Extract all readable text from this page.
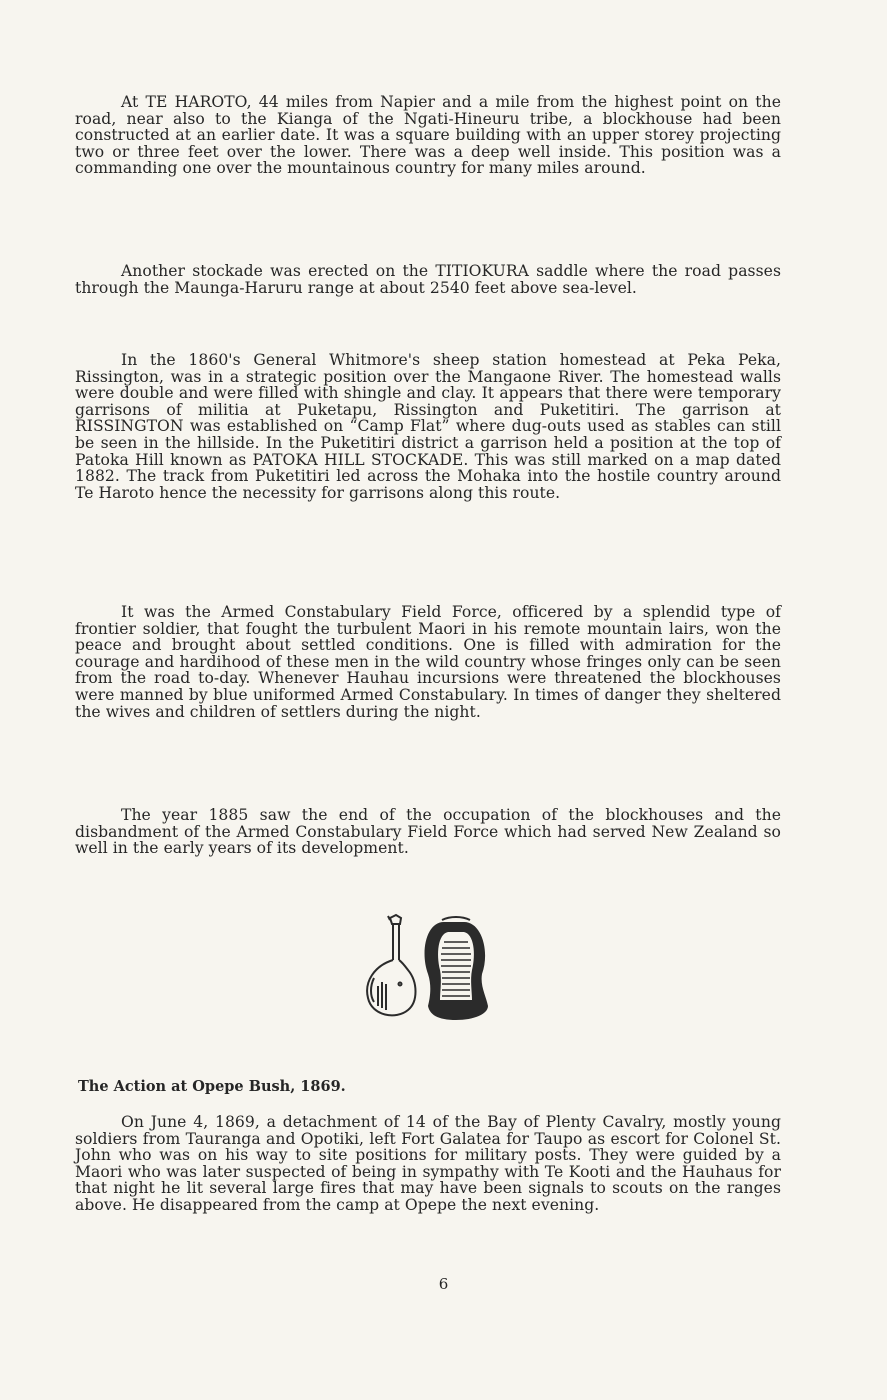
At TE HAROTO, 44 miles from Napier and a mile from the highest point on the road, near also to the Kianga of the Ngati-Hineuru tribe, a blockhouse had been constructed at an earlier date. It was a square building with an upper storey projecting two or three feet over the lower. There was a deep well inside. This position was a commanding one over the mountainous country for many miles around.

Another stockade was erected on the TITIOKURA saddle where the road passes through the Maunga-Haruru range at about 2540 feet above sea-level.

In the 1860's General Whitmore's sheep station homestead at Peka Peka, Rissington, was in a strategic position over the Mangaone River. The homestead walls were double and were filled with shingle and clay. It appears that there were temporary garrisons of militia at Puketapu, Rissington and Puketitiri. The garrison at RISSINGTON was established on “Camp Flat” where dug-outs used as stables can still be seen in the hillside. In the Puketitiri district a garrison held a position at the top of Patoka Hill known as PATOKA HILL STOCKADE. This was still marked on a map dated 1882. The track from Puketitiri led across the Mohaka into the hostile country around Te Haroto hence the necessity for garrisons along this route.

It was the Armed Constabulary Field Force, officered by a splendid type of frontier soldier, that fought the turbulent Maori in his remote mountain lairs, won the peace and brought about settled conditions. One is filled with admiration for the courage and hardihood of these men in the wild country whose fringes only can be seen from the road to-day. Whenever Hauhau incursions were threatened the blockhouses were manned by blue uniformed Armed Constabulary. In times of danger they sheltered the wives and children of settlers during the night.

The year 1885 saw the end of the occupation of the blockhouses and the disbandment of the Armed Constabulary Field Force which had served New Zealand so well in the early years of its development.

The Action at Opepe Bush, 1869.

On June 4, 1869, a detachment of 14 of the Bay of Plenty Cavalry, mostly young soldiers from Tauranga and Opotiki, left Fort Galatea for Taupo as escort for Colonel St. John who was on his way to site positions for military posts. They were guided by a Maori who was later suspected of being in sympathy with Te Kooti and the Hauhaus for that night he lit several large fires that may have been signals to scouts on the ranges above. He disappeared from the camp at Opepe the next evening.

6
